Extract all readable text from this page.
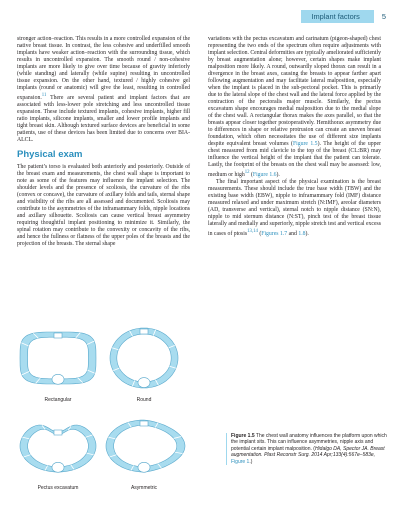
Implant factors	5

stronger action–reaction. This results in a more controlled expansion of the native breast tissue. In contrast, the less cohesive and underfilled smooth implants have weaker action–reaction with the surrounding tissue, which results in uncontrolled expansion. The smooth round / non-cohesive implants are more likely to give over time because of gravity inferiorly (while standing) and laterally (while supine) resulting in uncontrolled tissue expansion. On the other hand, textured / highly cohesive gel implants (round or anatomic) will give the least, resulting in controlled expansion.$^{11}$ There are several patient and implant factors that are associated with less-lower pole stretching and less uncontrolled tissue expansion. These include textured implants, cohesive implants, higher fill ratio implants, silicone implants, smaller and lower profile implants and tight breast skin. Although textured surface devices are beneficial in some patients, use of these devices has been limited due to concerns over BIA-ALCL.

Physical exam

The patient’s torso is evaluated both anteriorly and posteriorly. Outside of the breast exam and measurements, the chest wall shape is important to note as some of the features may influence the implant selection. The shoulder levels and the presence of scoliosis, the curvature of the ribs (convex or concave), the curvature of axillary folds and tails, sternal shape and visibility of the ribs are all assessed and documented. Scoliosis may contribute to the asymmetries of the inframammary folds, nipple locations and axillary silhouette. Scoliosis can cause vertical breast asymmetry requiring thoughtful implant positioning to minimize it. Similarly, the spinal rotation may contribute to the convexity or concavity of the ribs, and hence the fullness or flatness of the upper poles of the breasts and the projection of the breasts. The sternal shape

variations with the pectus excavatum and carinatum (pigeon-shaped) chest representing the two ends of the spectrum often require adjustments with implant selection. Central deformities are typically ameliorated sufficiently by breast augmentation alone; however, certain shapes make implant malposition more likely. A round, outwardly sloped thorax can result in a divergence in the breast axes, causing the breasts to appear farther apart following augmentation and may facilitate lateral malposition, especially when the implant is placed in the sub-pectoral pocket. This is primarily due to the lateral slope of the chest wall and the lateral force applied by the contraction of the pectoralis major muscle. Similarly, the pectus excavatum shape encourages medial malposition due to the medial slope of the chest wall. A rectangular thorax makes the axes parallel, so that the breasts appear closer together postoperatively. Hemithorax asymmetry due to differences in shape or relative protrusion can create an uneven breast foundation, which often necessitates the use of different size implants despite equivalent breast volumes (Figure 1.5). The height of the upper chest measured from mid clavicle to the top of the breast (CL:BR) may influence the vertical height of the implant that the patient can tolerate. Lastly, the footprint of the breasts on the chest wall may be assessed: low, medium or high$^{12}$ (Figure 1.6).

The final important aspect of the physical examination is the breast measurements. These should include the true base width (TBW) and the existing base width (EBW), nipple to inframammary fold (IMF) distance measured relaxed and under maximum stretch (N:IMF), areolar diameters (AD, transverse and vertical), sternal notch to nipple distance (SN:N), nipple to mid sternum distance (N:ST), pinch test of the breast tissue laterally and medially and superiorly, nipple stretch test and vertical excess in cases of ptosis$^{13,14}$ (Figures 1.7 and 1.8).

Rectangular	Round
Pectus excavatum	Asymmetric
Figure 1.5 The chest wall anatomy influences the platform upon which the implant sits. This can influence asymmetries, nipple axis and potential certain implant malposition. (Hidalgo DA, Spector JA. Breast augmentation. Plast Reconstr Surg. 2014 Apr;133(4):567e–583e, Figure 1.)
